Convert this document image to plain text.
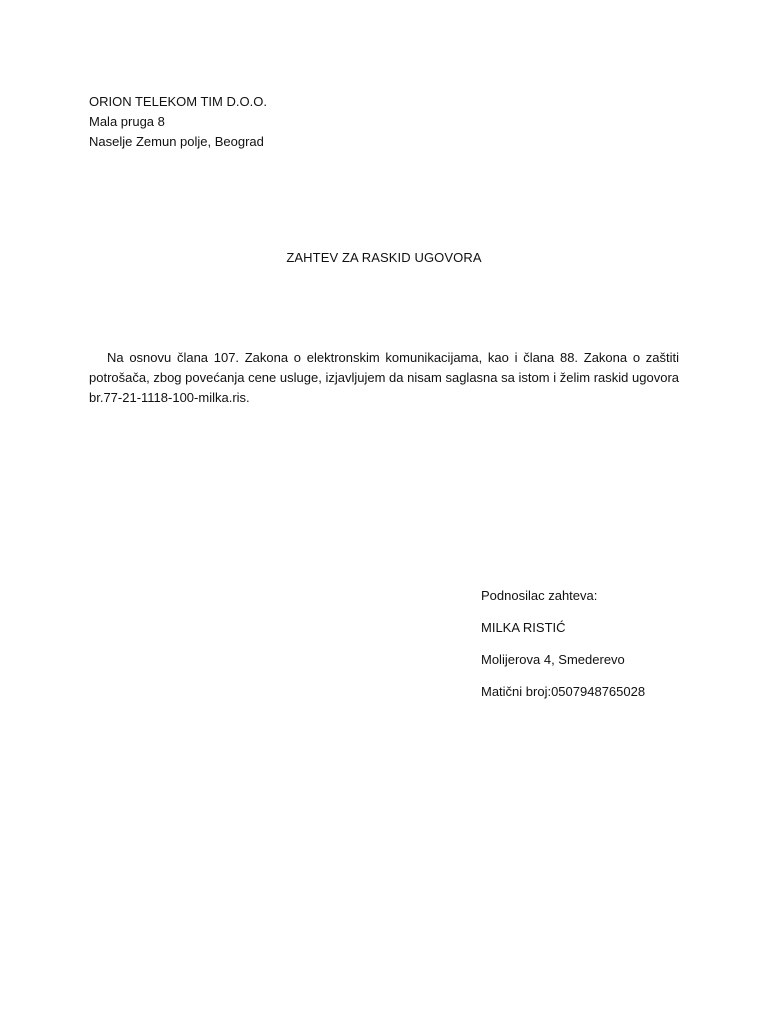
ORION TELEKOM TIM D.O.O.
Mala pruga 8
Naselje Zemun polje, Beograd
ZAHTEV ZA RASKID UGOVORA

Na osnovu člana 107. Zakona o elektronskim komunikacijama, kao i člana 88. Zakona o zaštiti potrošača, zbog povećanja cene usluge, izjavljujem da nisam saglasna sa istom i želim raskid ugovora br.77-21-1118-100-milka.ris.

Podnosilac zahteva:
MILKA RISTIĆ
Molijerova 4, Smederevo
Matični broj:0507948765028
